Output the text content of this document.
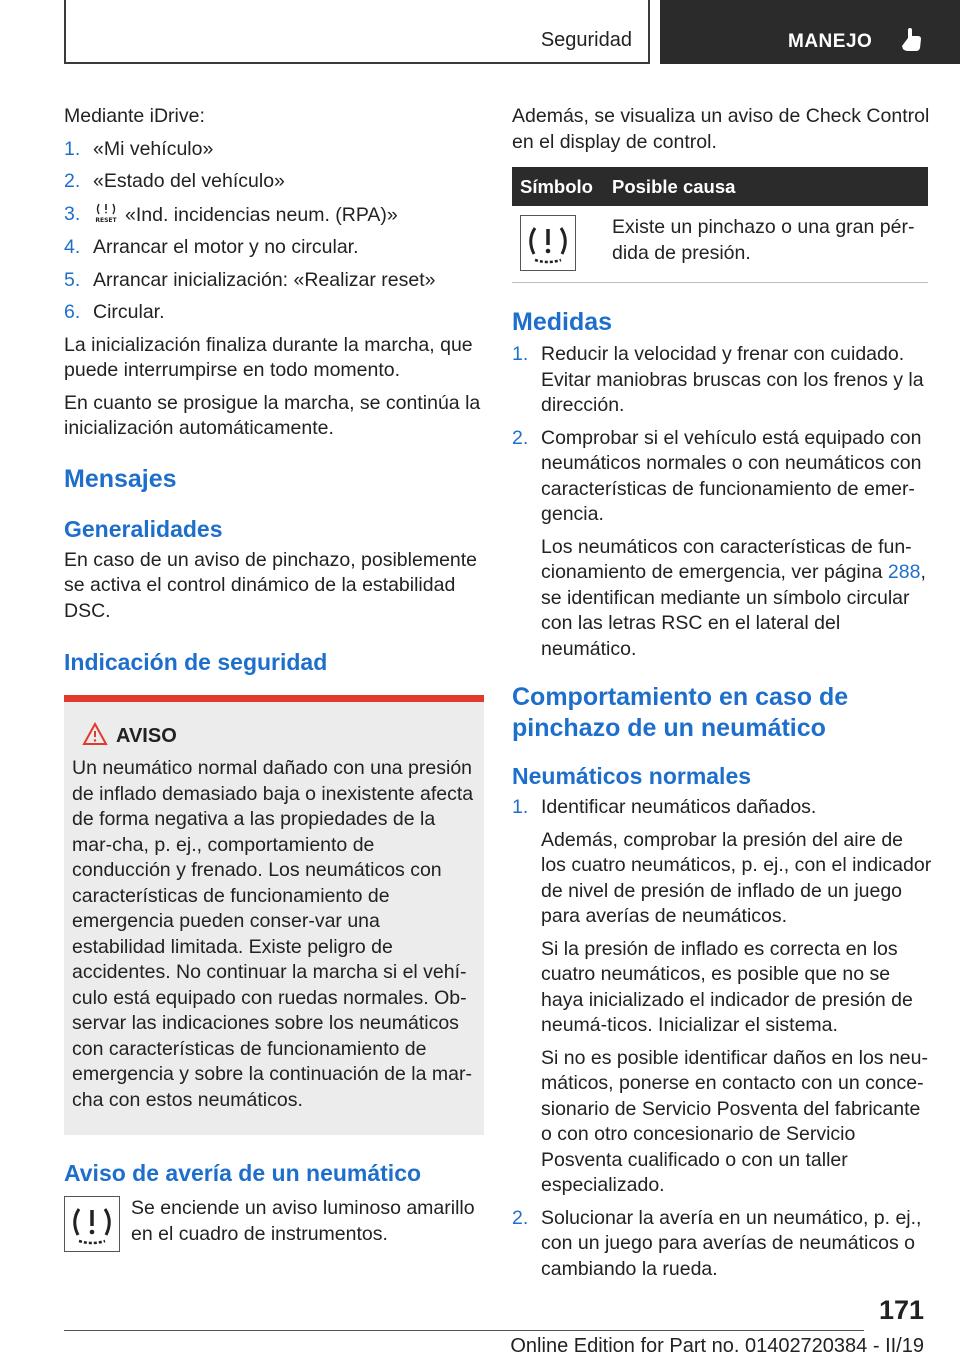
Seguridad	MANEJO

Mediante iDrive:

1. «Mi vehículo»
2. «Estado del vehículo»
3.	RESET «Ind. incidencias neum. (RPA)»
4. Arrancar el motor y no circular.
5. Arrancar inicialización: «Realizar reset»
6. Circular.

La inicialización finaliza durante la marcha, que puede interrumpirse en todo momento.

En cuanto se prosigue la marcha, se continúa la inicialización automáticamente.

Mensajes
Generalidades

En caso de un aviso de pinchazo, posiblemente se activa el control dinámico de la estabilidad DSC.

Indicación de seguridad
AVISO

Un neumático normal dañado con una presión de inflado demasiado baja o inexistente afecta de forma negativa a las propiedades de la mar‐cha, p. ej., comportamiento de conducción y frenado. Los neumáticos con características de funcionamiento de emergencia pueden conser‐var una estabilidad limitada. Existe peligro de accidentes. No continuar la marcha si el vehí‐culo está equipado con ruedas normales. Ob‐servar las indicaciones sobre los neumáticos con características de funcionamiento de emergencia y sobre la continuación de la mar‐cha con estos neumáticos.

Aviso de avería de un neumático

Se enciende un aviso luminoso amarillo en el cuadro de instrumentos.

Además, se visualiza un aviso de Check Control en el display de control.

Símbolo	Posible causa

	Existe un pinchazo o una gran pér‐dida de presión.
Medidas
1. Reducir la velocidad y frenar con cuidado. Evitar maniobras bruscas con los frenos y la dirección.
2. Comprobar si el vehículo está equipado con neumáticos normales o con neumáticos con características de funcionamiento de emer‐gencia.

Los neumáticos con características de fun‐cionamiento de emergencia, ver página 288, se identifican mediante un símbolo circular con las letras RSC en el lateral del neumático.

Comportamiento en caso de pinchazo de un neumático
Neumáticos normales
1. Identificar neumáticos dañados.

Además, comprobar la presión del aire de los cuatro neumáticos, p. ej., con el indicador de nivel de presión de inflado de un juego para averías de neumáticos.

Si la presión de inflado es correcta en los cuatro neumáticos, es posible que no se haya inicializado el indicador de presión de neumá‐ticos. Inicializar el sistema.

Si no es posible identificar daños en los neu‐máticos, ponerse en contacto con un conce‐sionario de Servicio Posventa del fabricante o con otro concesionario de Servicio Posventa cualificado o con un taller especializado.

2. Solucionar la avería en un neumático, p. ej., con un juego para averías de neumáticos o cambiando la rueda.
171
Online Edition for Part no. 01402720384 - II/19
